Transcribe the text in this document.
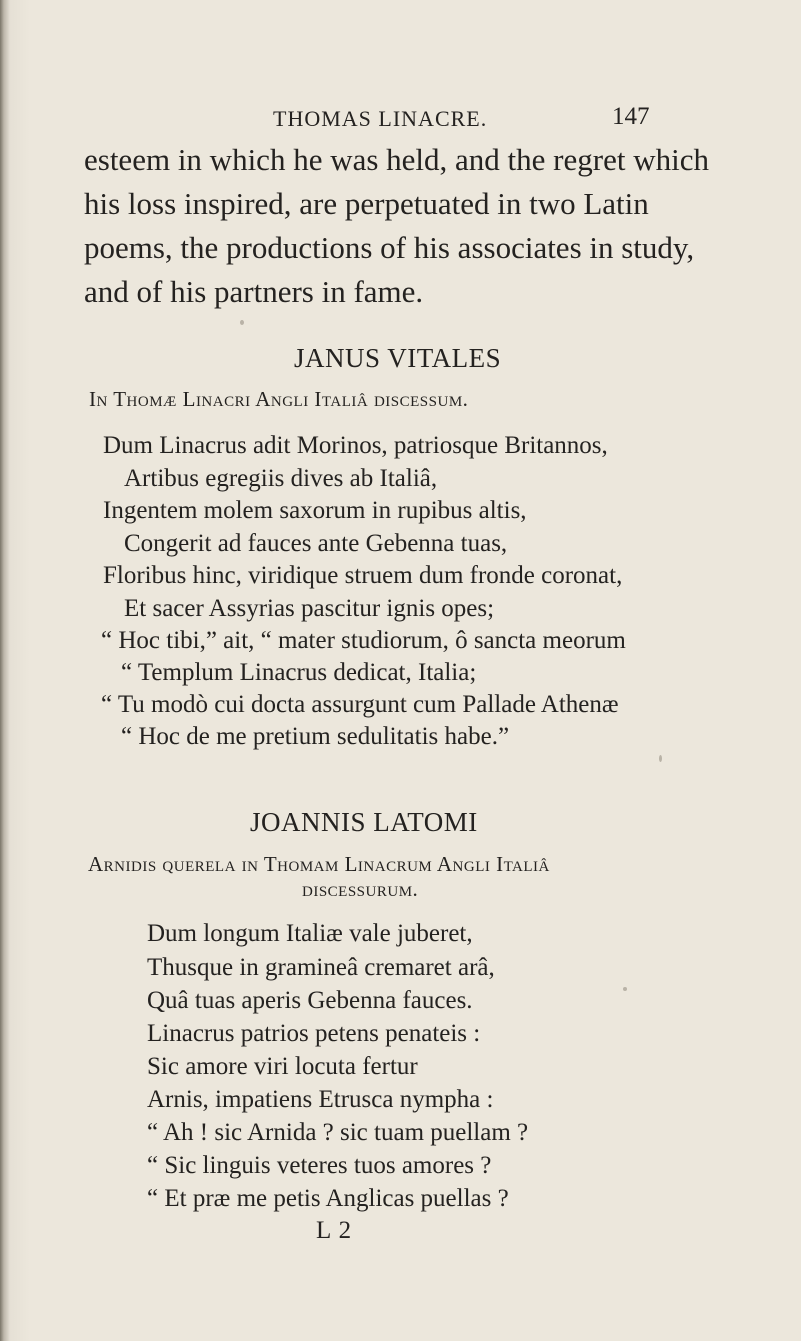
THOMAS LINACRE.	147
esteem in which he was held, and the regret which
his loss inspired, are perpetuated in two Latin
poems, the productions of his associates in study,
and of his partners in fame.
JANUS VITALES
In Thomæ Linacri Angli Italiâ discessum.
Dum Linacrus adit Morinos, patriosque Britannos,
Artibus egregiis dives ab Italiâ,
Ingentem molem saxorum in rupibus altis,
Congerit ad fauces ante Gebenna tuas,
Floribus hinc, viridique struem dum fronde coronat,
Et sacer Assyrias pascitur ignis opes;
“ Hoc tibi,” ait, “ mater studiorum, ô sancta meorum
“ Templum Linacrus dedicat, Italia;
“ Tu modò cui docta assurgunt cum Pallade Athenæ
“ Hoc de me pretium sedulitatis habe.”
JOANNIS LATOMI
Arnidis querela in Thomam Linacrum Angli Italiâ
discessurum.
Dum longum Italiæ vale juberet,
Thusque in gramineâ cremaret arâ,
Quâ tuas aperis Gebenna fauces.
Linacrus patrios petens penateis :
Sic amore viri locuta fertur
Arnis, impatiens Etrusca nympha :
“ Ah ! sic Arnida ? sic tuam puellam ?
“ Sic linguis veteres tuos amores ?
“ Et præ me petis Anglicas puellas ?
L 2
